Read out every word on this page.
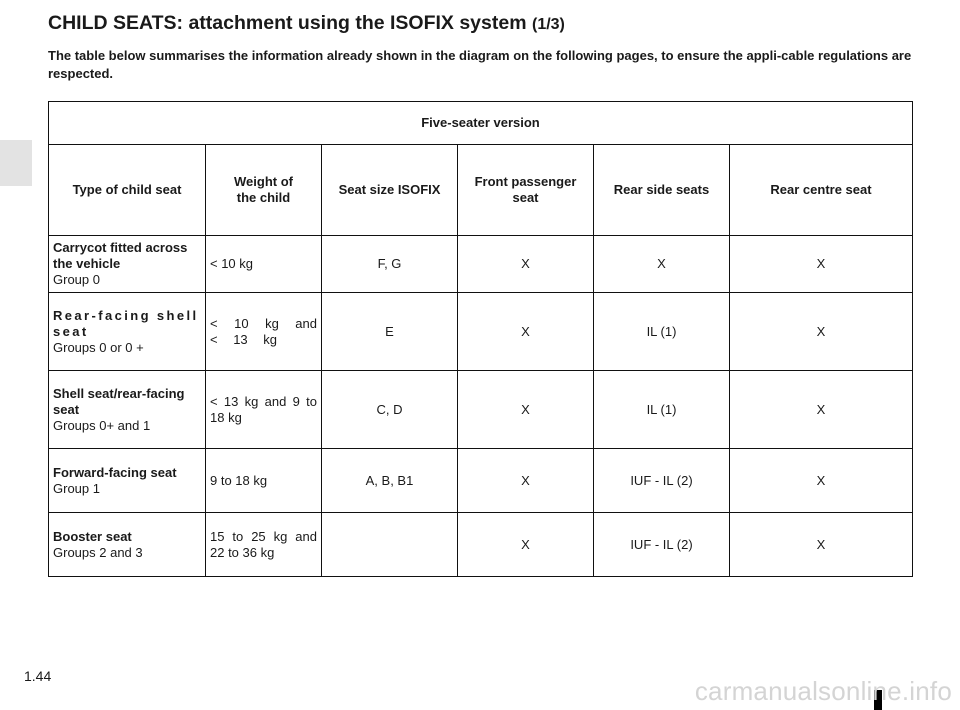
CHILD SEATS: attachment using the ISOFIX system (1/3)

The table below summarises the information already shown in the diagram on the following pages, to ensure the appli-cable regulations are respected.

Five-seater version					
Type of child seat	Weight of the child	Seat size ISOFIX	Front passenger seat	Rear side seats	Rear centre seat

Carrycot fitted across the vehicle
Group 0	< 10 kg	F, G	X	X	X

Rear-facing shell seat
Groups 0 or 0 +	< 10 kg and < 13 kg	E	X	IL (1)	X

Shell seat/rear-facing seat
Groups 0+ and 1	< 13 kg and 9 to 18 kg	C, D	X	IL (1)	X

Forward-facing seat
Group 1	9 to 18 kg	A, B, B1	X	IUF - IL (2)	X

Booster seat
Groups 2 and 3	15 to 25 kg and 22 to 36 kg		X	IUF - IL (2)	X
1.44	carmanualsonline.info
